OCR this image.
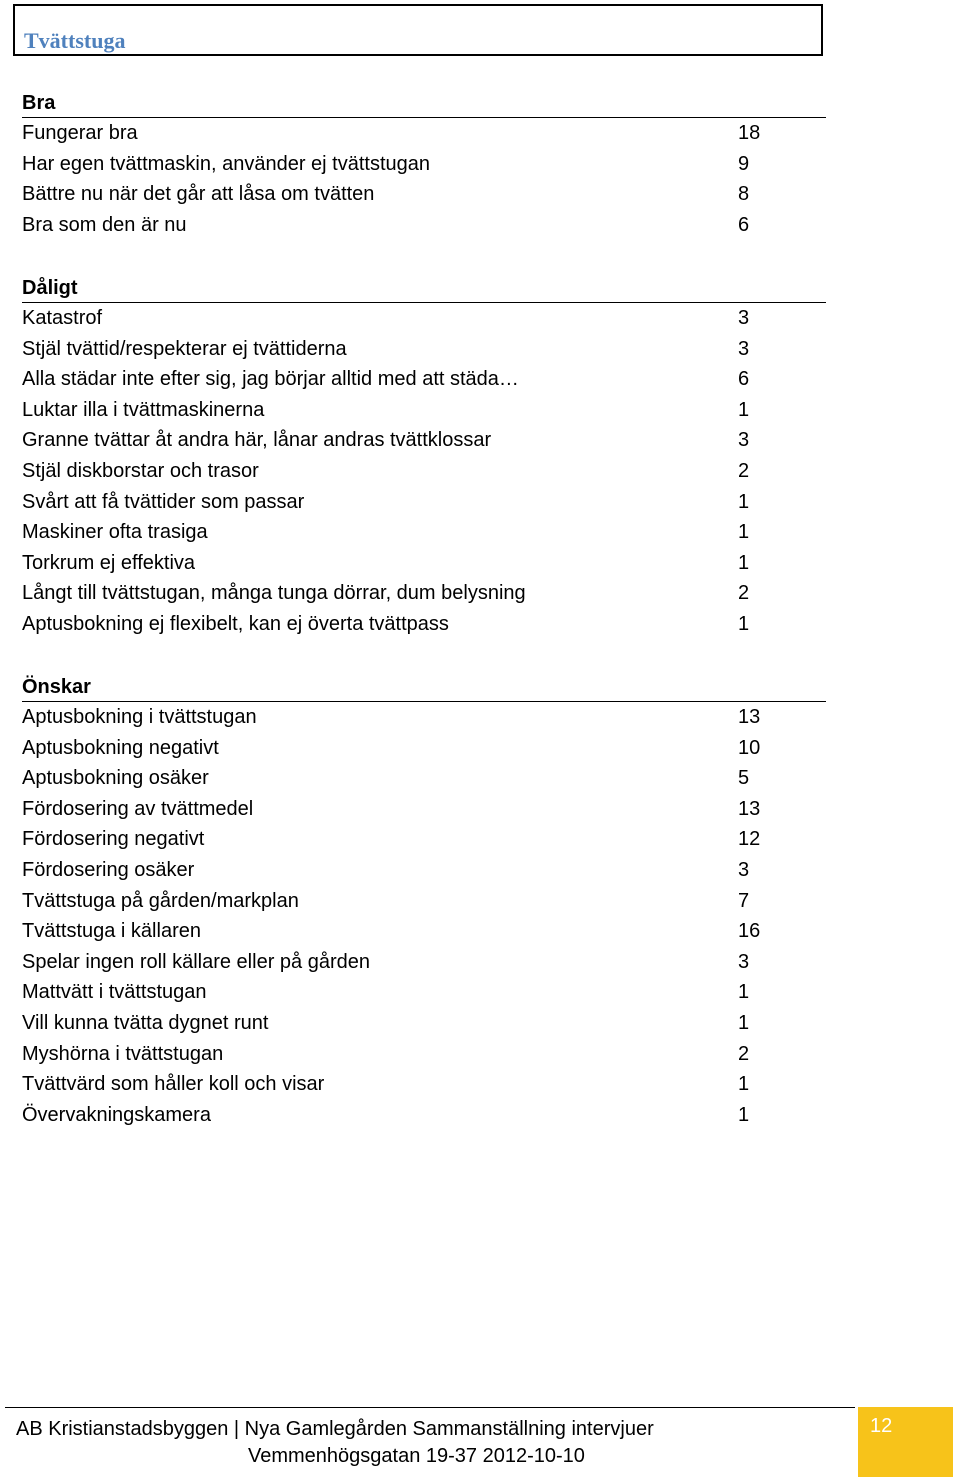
Tvättstuga
Bra
Fungerar bra	18
Har egen tvättmaskin, använder ej tvättstugan	9
Bättre nu när det går att låsa om tvätten	8
Bra som den är nu	6
Dåligt
Katastrof	3
Stjäl tvättid/respekterar ej tvättiderna	3
Alla städar inte efter sig, jag börjar alltid med att städa…	6
Luktar illa i tvättmaskinerna	1
Granne tvättar åt andra här, lånar andras tvättklossar	3
Stjäl diskborstar och trasor	2
Svårt att få tvättider som passar	1
Maskiner ofta trasiga	1
Torkrum ej effektiva	1
Långt till tvättstugan, många tunga dörrar, dum belysning	2
Aptusbokning ej flexibelt, kan ej överta tvättpass	1
Önskar
Aptusbokning i tvättstugan	13
Aptusbokning negativt	10
Aptusbokning osäker	5
Fördosering av tvättmedel	13
Fördosering negativt	12
Fördosering osäker	3
Tvättstuga på gården/markplan	7
Tvättstuga i källaren	16
Spelar ingen roll källare eller på gården	3
Mattvätt i tvättstugan	1
Vill kunna tvätta dygnet runt	1
Myshörna i tvättstugan	2
Tvättvärd som håller koll och visar	1
Övervakningskamera	1
AB Kristianstadsbyggen | Nya Gamlegården Sammanställning intervjuer
Vemmenhögsgatan 19-37 2012-10-10
12
